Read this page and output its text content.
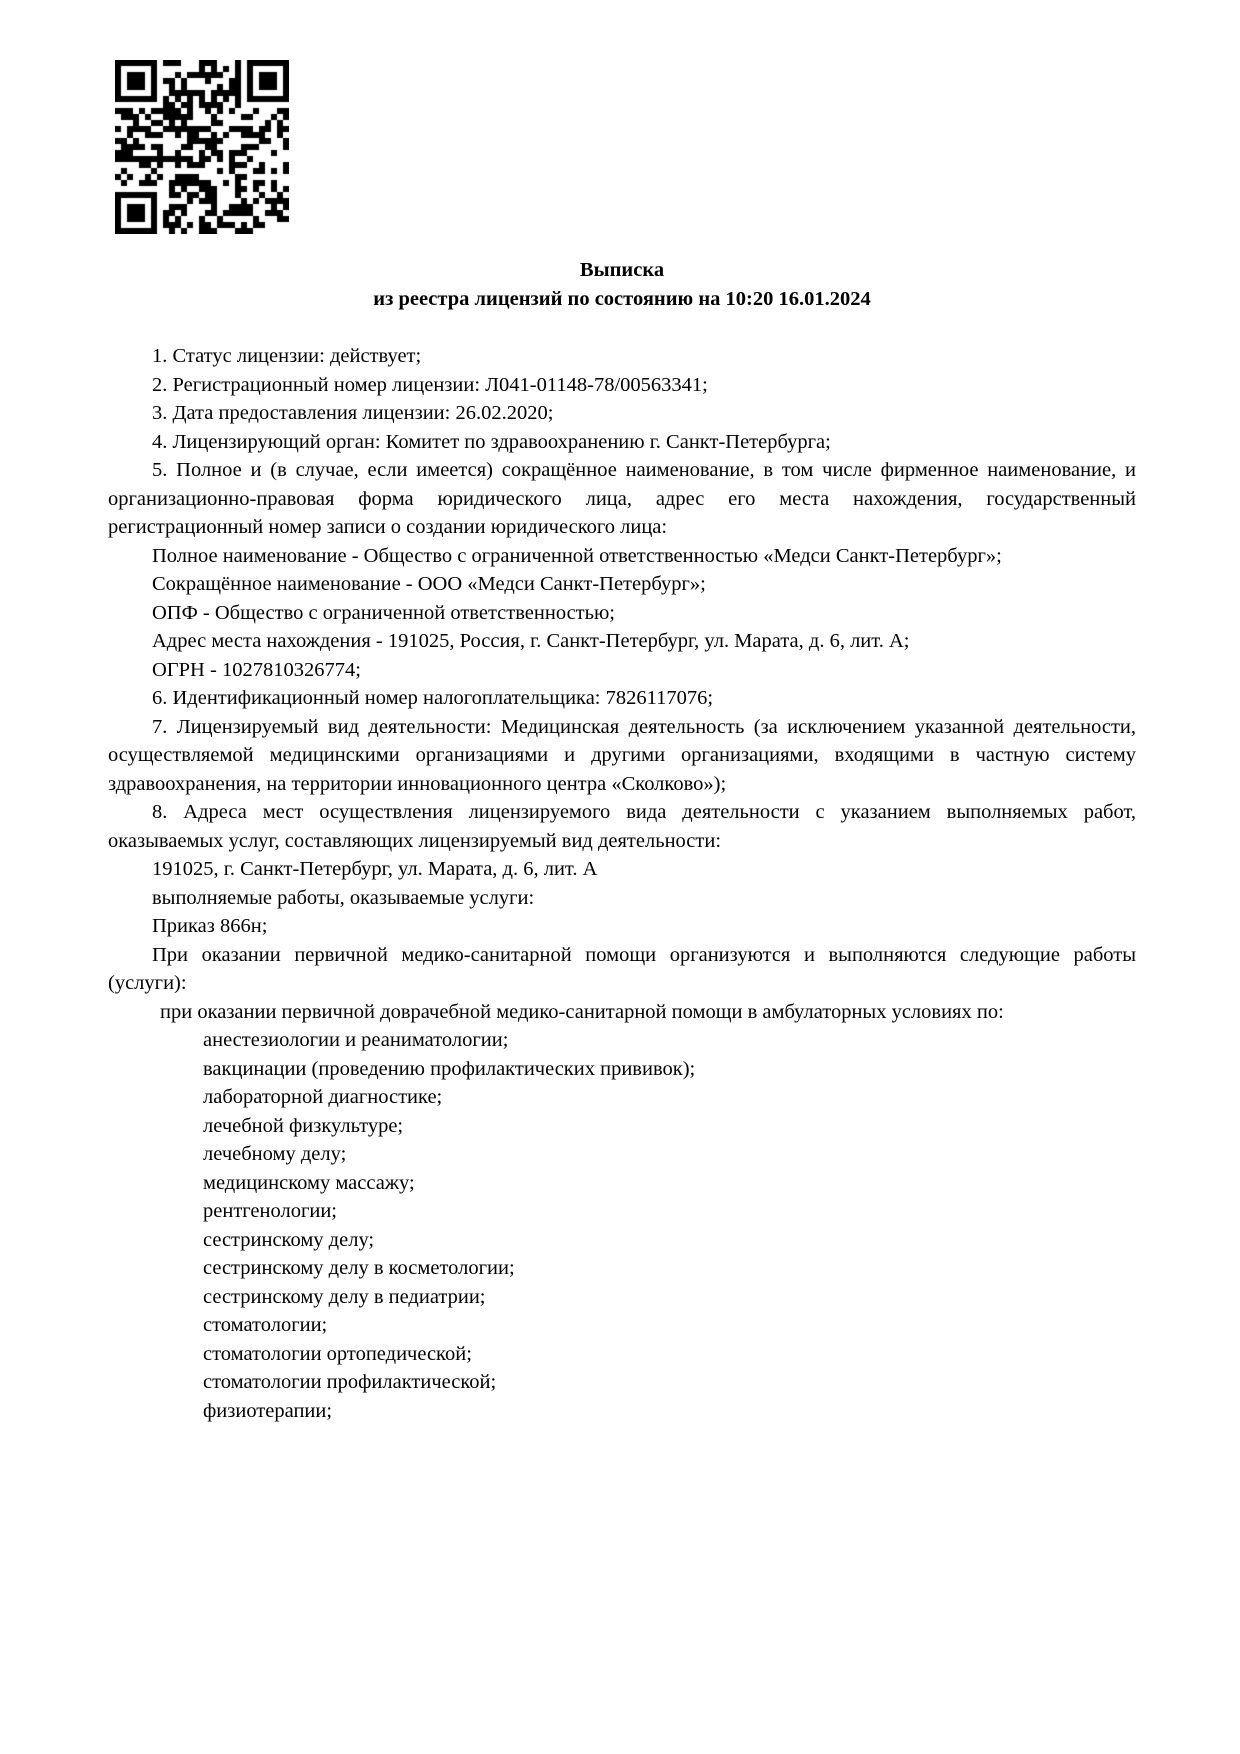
Выписка

из реестра лицензий по состоянию на 10:20 16.01.2024

1. Статус лицензии: действует;

2. Регистрационный номер лицензии: Л041-01148-78/00563341;

3. Дата предоставления лицензии: 26.02.2020;

4. Лицензирующий орган: Комитет по здравоохранению г. Санкт-Петербурга;

5. Полное и (в случае, если имеется) сокращённое наименование, в том числе фирменное наименование, и организационно-правовая форма юридического лица, адрес его места нахождения, государственный регистрационный номер записи о создании юридического лица:

Полное наименование - Общество с ограниченной ответственностью «Медси Санкт-Петербург»;

Сокращённое наименование - ООО «Медси Санкт-Петербург»;

ОПФ - Общество с ограниченной ответственностью;

Адрес места нахождения - 191025, Россия, г. Санкт-Петербург, ул. Марата, д. 6, лит. А;

ОГРН - 1027810326774;

6. Идентификационный номер налогоплательщика: 7826117076;

7. Лицензируемый вид деятельности: Медицинская деятельность (за исключением указанной деятельности, осуществляемой медицинскими организациями и другими организациями, входящими в частную систему здравоохранения, на территории инновационного центра «Сколково»);

8. Адреса мест осуществления лицензируемого вида деятельности с указанием выполняемых работ, оказываемых услуг, составляющих лицензируемый вид деятельности:

191025, г. Санкт-Петербург, ул. Марата, д. 6, лит. А

выполняемые работы, оказываемые услуги:

Приказ 866н;

При оказании первичной медико-санитарной помощи организуются и выполняются следующие работы (услуги):

при оказании первичной доврачебной медико-санитарной помощи в амбулаторных условиях по:

анестезиологии и реаниматологии;

вакцинации (проведению профилактических прививок);

лабораторной диагностике;

лечебной физкультуре;

лечебному делу;

медицинскому массажу;

рентгенологии;

сестринскому делу;

сестринскому делу в косметологии;

сестринскому делу в педиатрии;

стоматологии;

стоматологии ортопедической;

стоматологии профилактической;

физиотерапии;
